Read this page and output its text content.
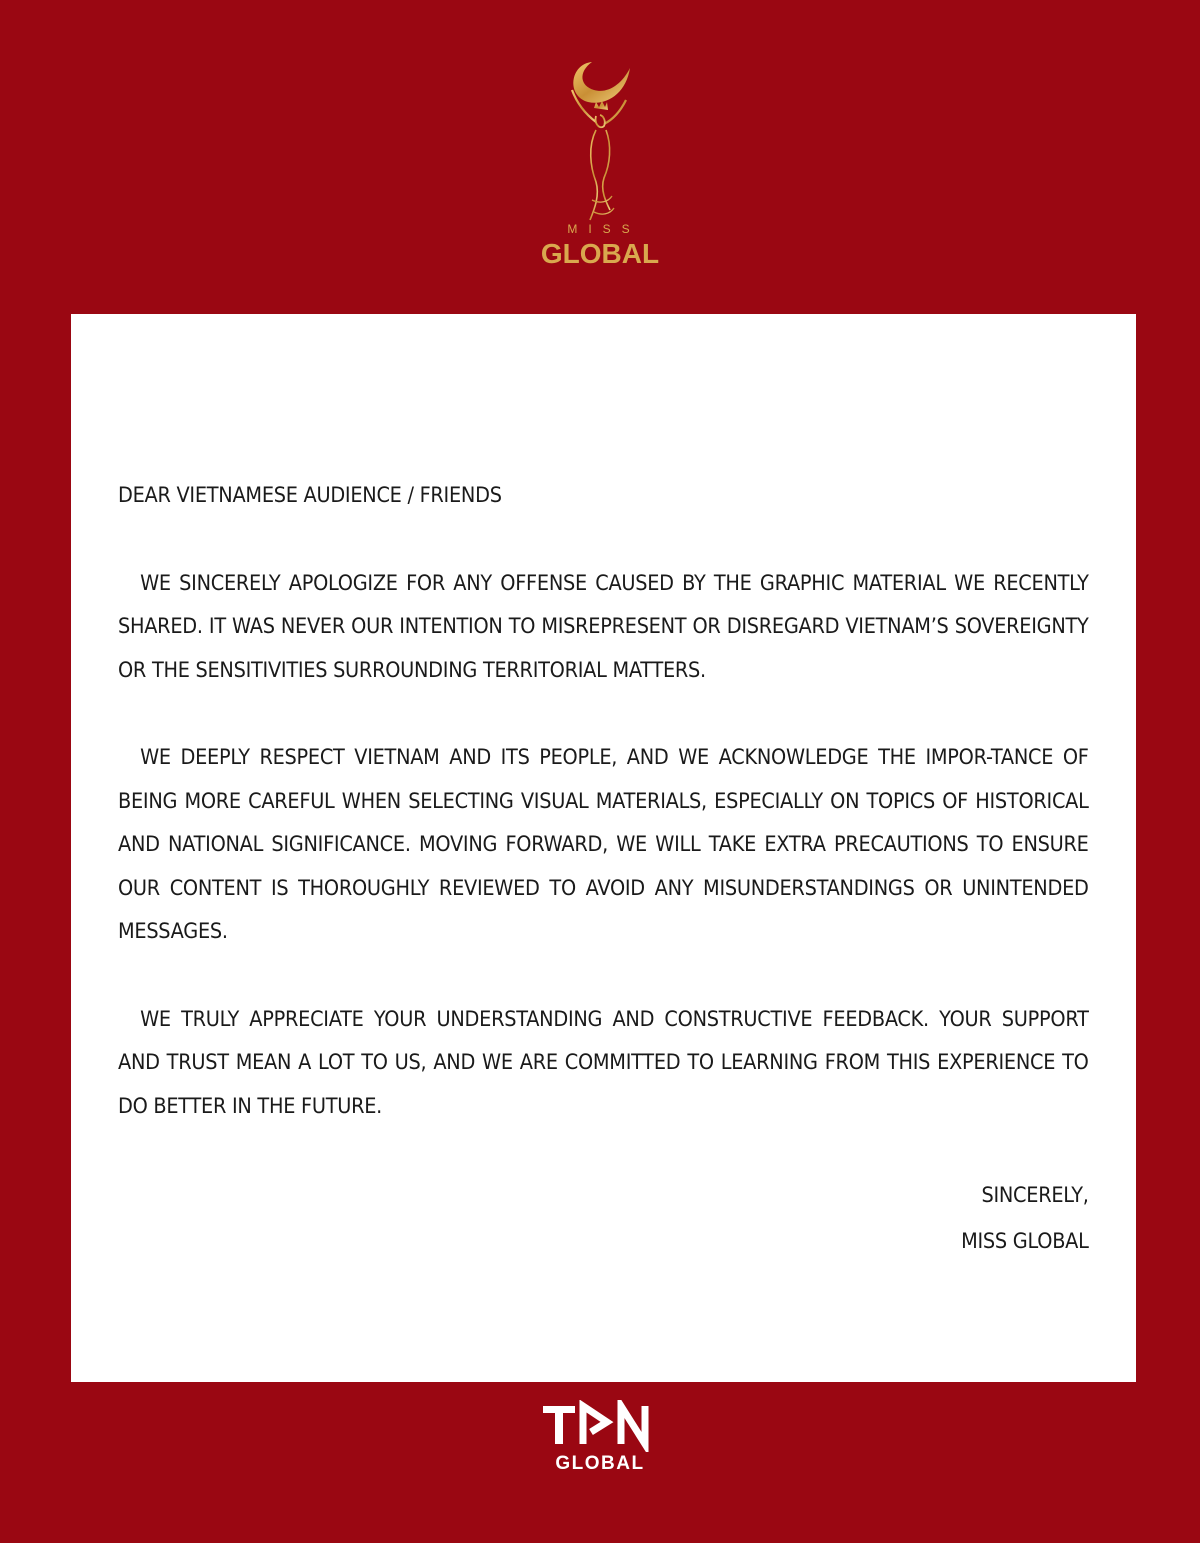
MISS
GLOBAL

DEAR VIETNAMESE AUDIENCE / FRIENDS

WE SINCERELY APOLOGIZE FOR ANY OFFENSE CAUSED BY THE GRAPHIC MATERIAL WE RECENTLY SHARED. IT WAS NEVER OUR INTENTION TO MISREPRESENT OR DISREGARD VIETNAM’S SOVEREIGNTY OR THE SENSITIVITIES SURROUNDING TERRITORIAL MATTERS.

WE DEEPLY RESPECT VIETNAM AND ITS PEOPLE, AND WE ACKNOWLEDGE THE IMPOR-TANCE OF BEING MORE CAREFUL WHEN SELECTING VISUAL MATERIALS, ESPECIALLY ON TOPICS OF HISTORICAL AND NATIONAL SIGNIFICANCE. MOVING FORWARD, WE WILL TAKE EXTRA PRECAUTIONS TO ENSURE OUR CONTENT IS THOROUGHLY REVIEWED TO AVOID ANY MISUNDERSTANDINGS OR UNINTENDED MESSAGES.

WE TRULY APPRECIATE YOUR UNDERSTANDING AND CONSTRUCTIVE FEEDBACK. YOUR SUPPORT AND TRUST MEAN A LOT TO US, AND WE ARE COMMITTED TO LEARNING FROM THIS EXPERIENCE TO DO BETTER IN THE FUTURE.

SINCERELY,

MISS GLOBAL

GLOBAL
